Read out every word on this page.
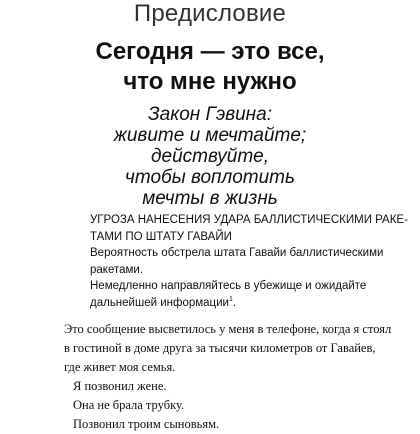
Предисловие
Сегодня — это все,
что мне нужно
Закон Гэвина:
живите и мечтайте;
действуйте,
чтобы воплотить
мечты в жизнь
УГРОЗА НАНЕСЕНИЯ УДАРА БАЛЛИСТИЧЕСКИМИ РАКЕ-
ТАМИ ПО ШТАТУ ГАВАЙИ
Вероятность обстрела штата Гавайи баллистическими
ракетами.
Немедленно направляйтесь в убежище и ожидайте
дальнейшей информации$^1$.
Это сообщение высветилось у меня в телефоне, когда я стоял
в гостиной в доме друга за тысячи километров от Гавайев,
где живет моя семья.
Я позвонил жене.
Она не брала трубку.
Позвонил троим сыновьям.
